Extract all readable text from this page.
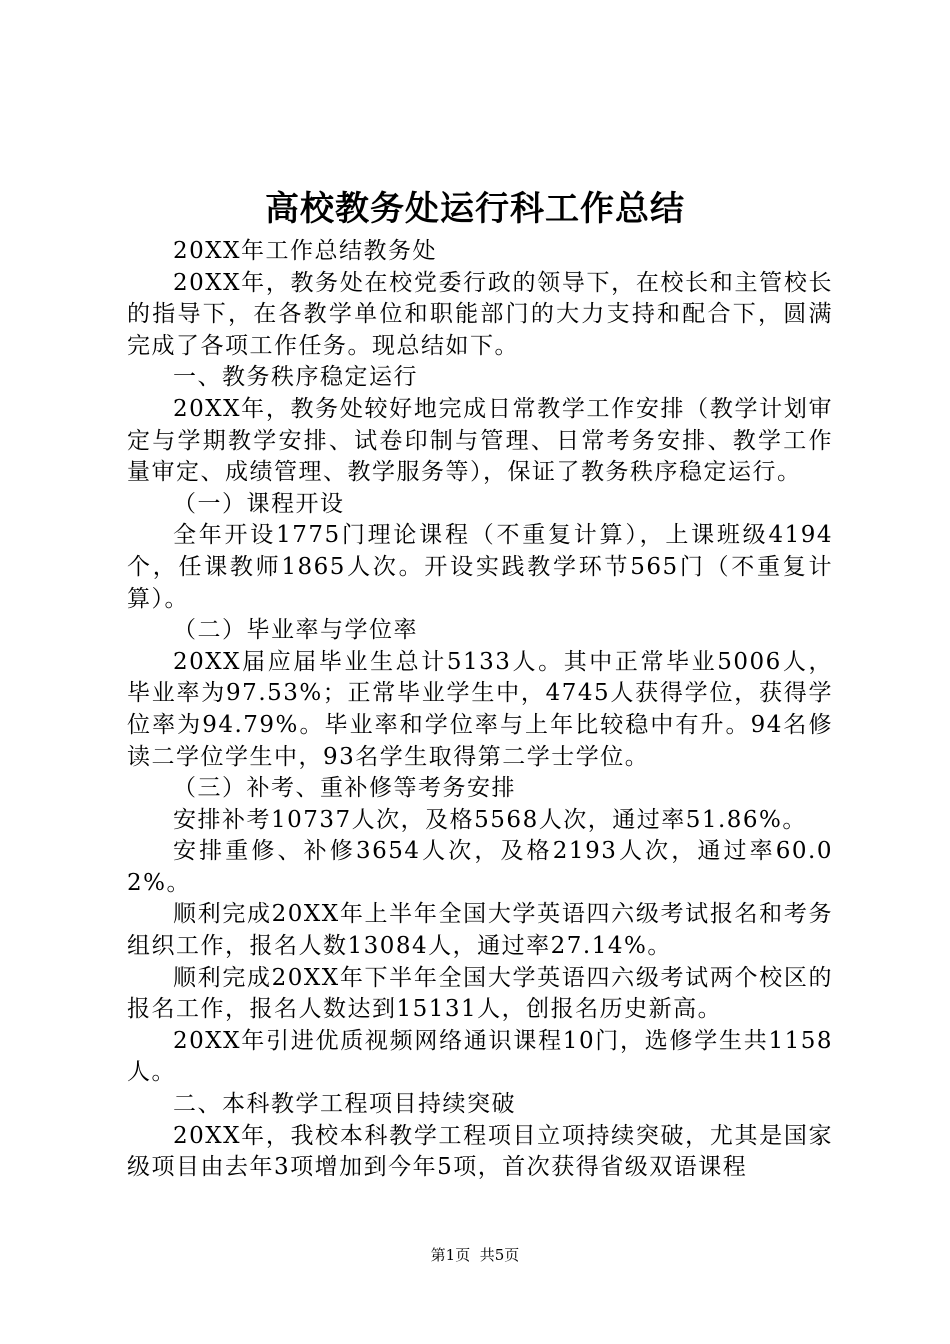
高校教务处运行科工作总结

20XX年工作总结教务处

20XX年，教务处在校党委行政的领导下，在校长和主管校长的指导下，在各教学单位和职能部门的大力支持和配合下，圆满完成了各项工作任务。现总结如下。

一、教务秩序稳定运行

20XX年，教务处较好地完成日常教学工作安排（教学计划审定与学期教学安排、试卷印制与管理、日常考务安排、教学工作量审定、成绩管理、教学服务等），保证了教务秩序稳定运行。

（一）课程开设

全年开设1775门理论课程（不重复计算），上课班级4194个，任课教师1865人次。开设实践教学环节565门（不重复计算）。

（二）毕业率与学位率

20XX届应届毕业生总计5133人。其中正常毕业5006人，毕业率为97.53%；正常毕业学生中，4745人获得学位，获得学位率为94.79%。毕业率和学位率与上年比较稳中有升。94名修读二学位学生中，93名学生取得第二学士学位。

（三）补考、重补修等考务安排

安排补考10737人次，及格5568人次，通过率51.86%。

安排重修、补修3654人次，及格2193人次，通过率60.02%。

顺利完成20XX年上半年全国大学英语四六级考试报名和考务组织工作，报名人数13084人，通过率27.14%。

顺利完成20XX年下半年全国大学英语四六级考试两个校区的报名工作，报名人数达到15131人，创报名历史新高。

20XX年引进优质视频网络通识课程10门，选修学生共1158人。

二、本科教学工程项目持续突破

20XX年，我校本科教学工程项目立项持续突破，尤其是国家级项目由去年3项增加到今年5项，首次获得省级双语课程

第1页 共5页
